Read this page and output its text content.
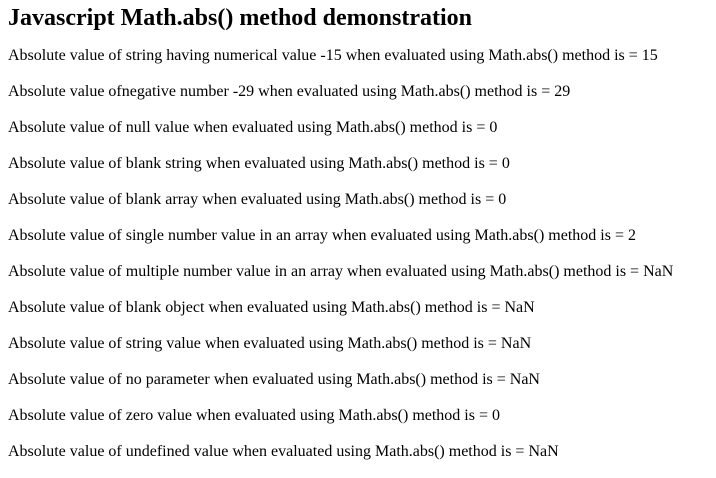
Javascript Math.abs() method demonstration

Absolute value of string having numerical value -15 when evaluated using Math.abs() method is = 15

Absolute value ofnegative number -29 when evaluated using Math.abs() method is = 29

Absolute value of null value when evaluated using Math.abs() method is = 0

Absolute value of blank string when evaluated using Math.abs() method is = 0

Absolute value of blank array when evaluated using Math.abs() method is = 0

Absolute value of single number value in an array when evaluated using Math.abs() method is = 2

Absolute value of multiple number value in an array when evaluated using Math.abs() method is = NaN

Absolute value of blank object when evaluated using Math.abs() method is = NaN

Absolute value of string value when evaluated using Math.abs() method is = NaN

Absolute value of no parameter when evaluated using Math.abs() method is = NaN

Absolute value of zero value when evaluated using Math.abs() method is = 0

Absolute value of undefined value when evaluated using Math.abs() method is = NaN
